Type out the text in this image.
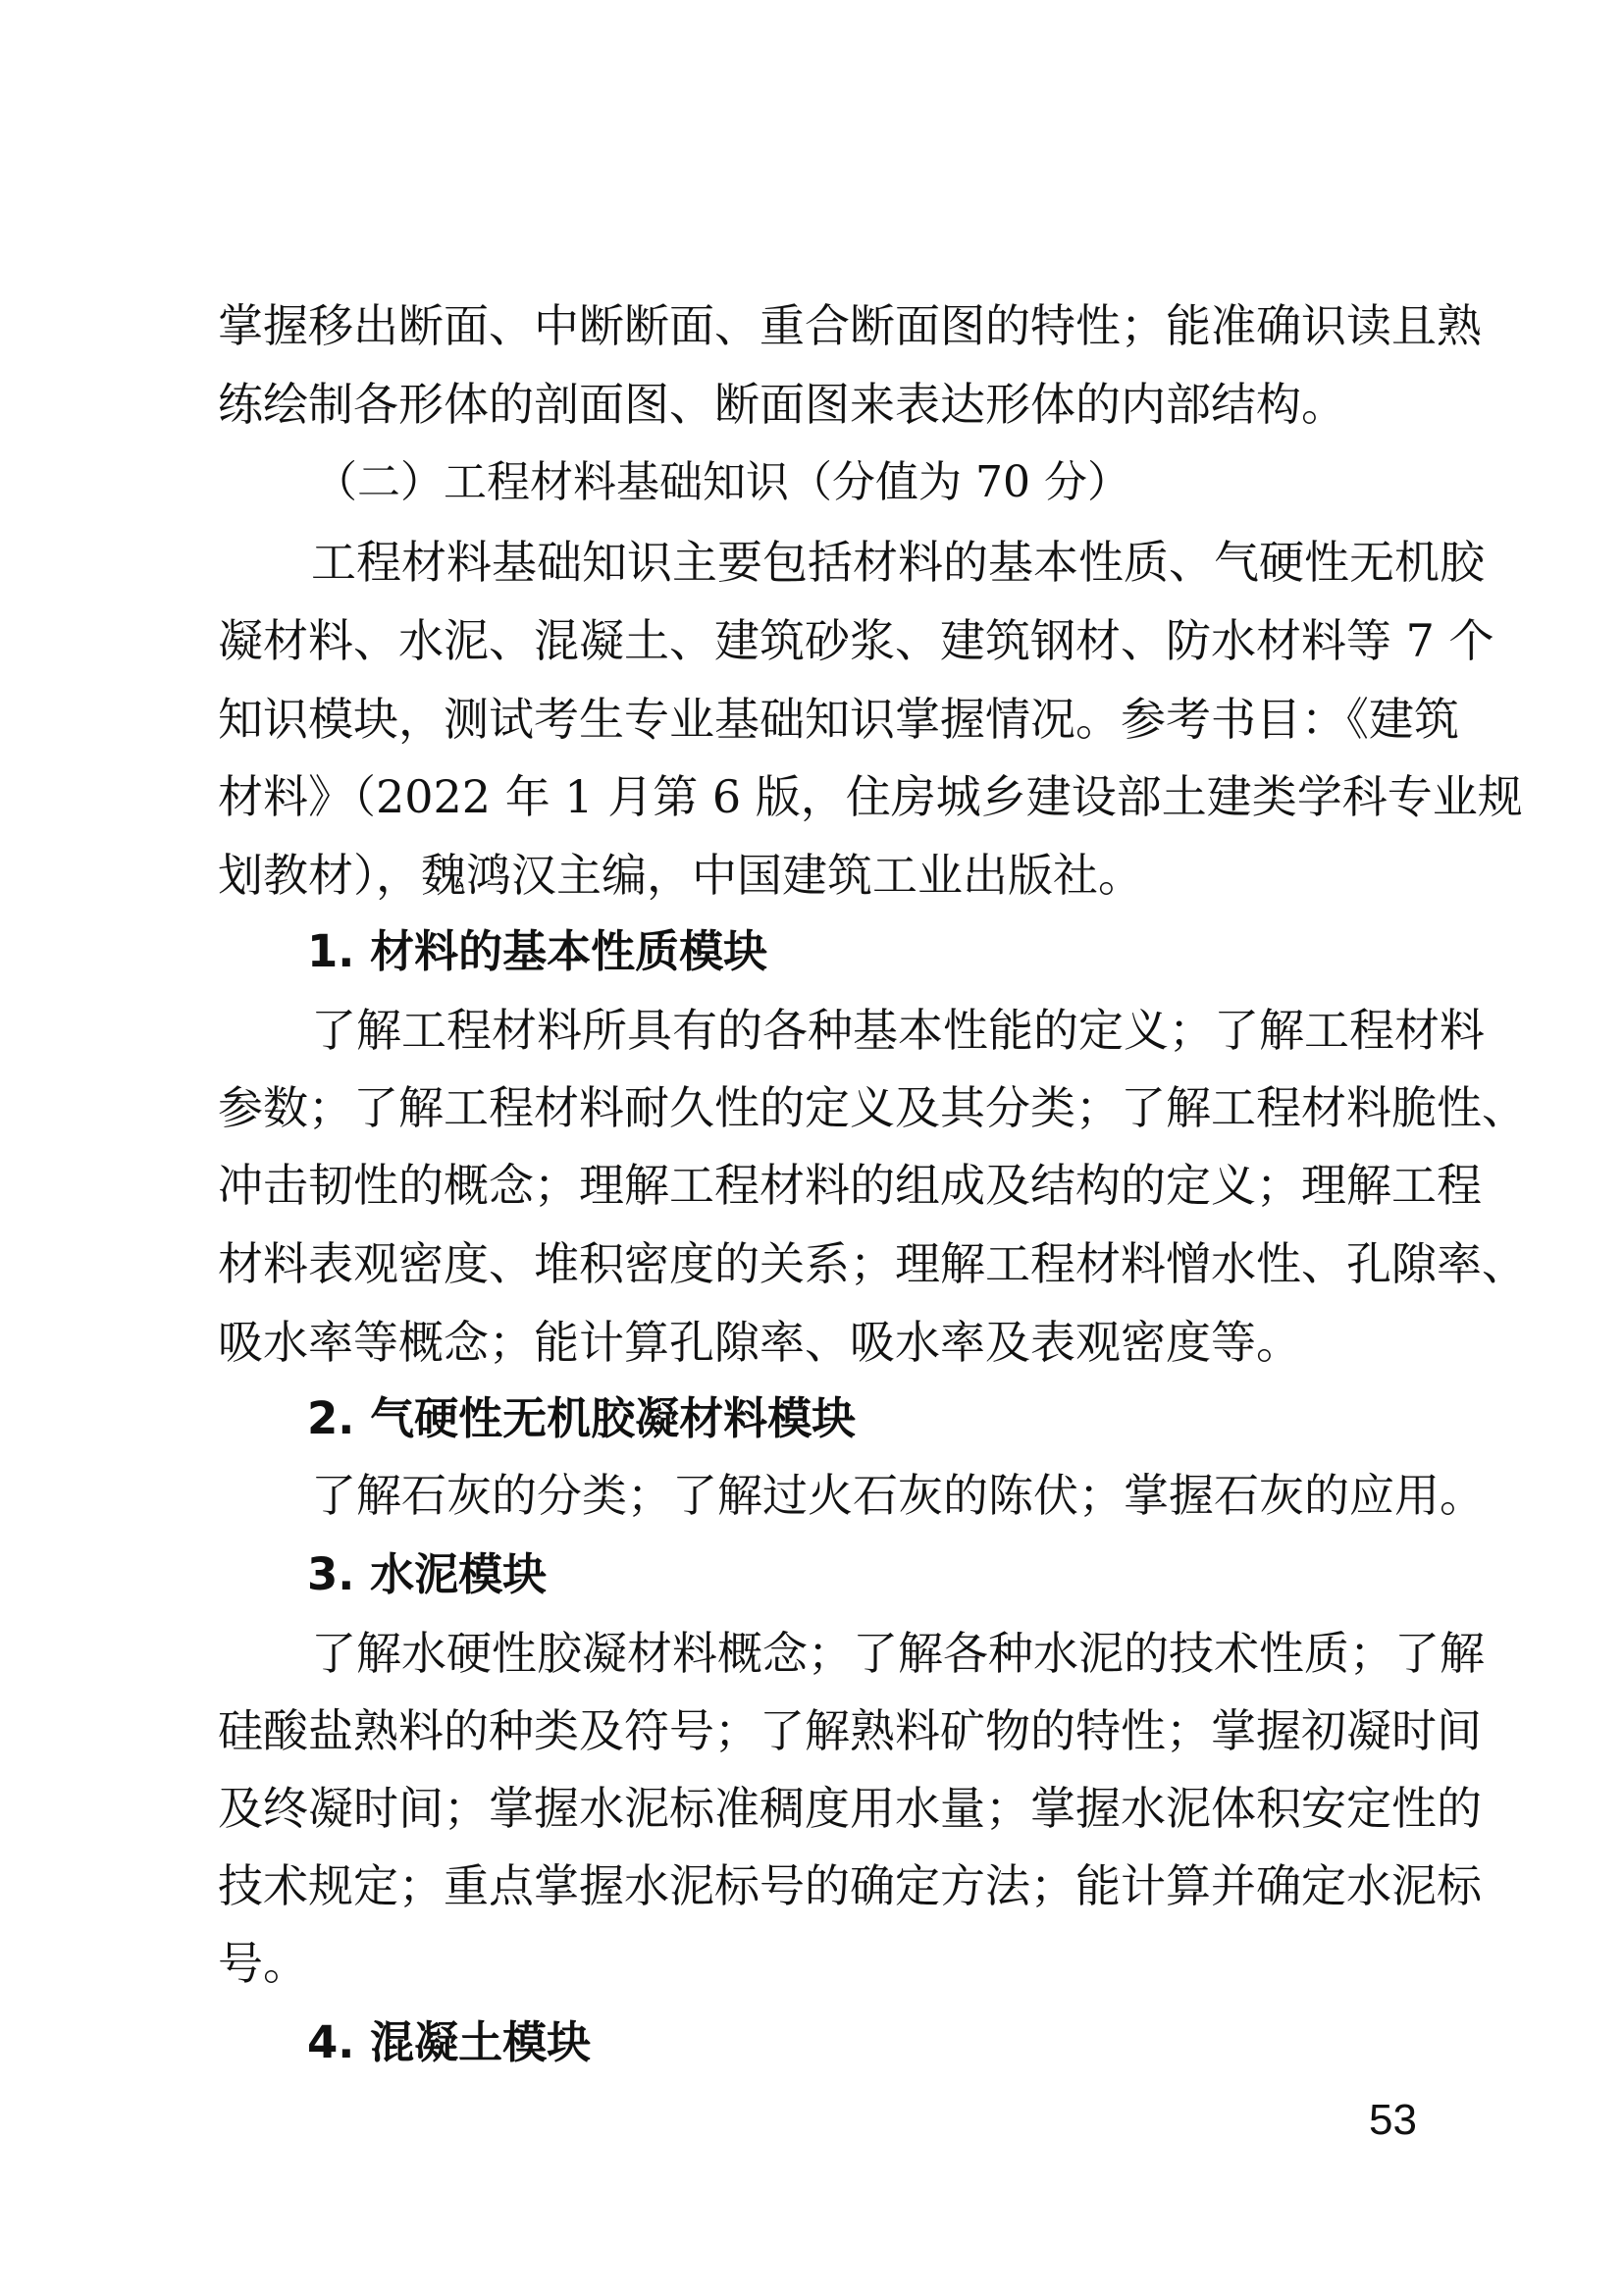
掌握移出断面、中断断面、重合断面图的特性；能准确识读且熟
练绘制各形体的剖面图、断面图来表达形体的内部结构。
（二）工程材料基础知识（分值为 70 分）
工程材料基础知识主要包括材料的基本性质、气硬性无机胶
凝材料、水泥、混凝土、建筑砂浆、建筑钢材、防水材料等 7 个
知识模块，测试考生专业基础知识掌握情况。参考书目：《建筑
材料》（2022 年 1 月第 6 版，住房城乡建设部土建类学科专业规
划教材），魏鸿汉主编，中国建筑工业出版社。
1. 材料的基本性质模块
了解工程材料所具有的各种基本性能的定义；了解工程材料
参数；了解工程材料耐久性的定义及其分类；了解工程材料脆性、
冲击韧性的概念；理解工程材料的组成及结构的定义；理解工程
材料表观密度、堆积密度的关系；理解工程材料憎水性、孔隙率、
吸水率等概念；能计算孔隙率、吸水率及表观密度等。
2. 气硬性无机胶凝材料模块
了解石灰的分类；了解过火石灰的陈伏；掌握石灰的应用。
3. 水泥模块
了解水硬性胶凝材料概念；了解各种水泥的技术性质；了解
硅酸盐熟料的种类及符号；了解熟料矿物的特性；掌握初凝时间
及终凝时间；掌握水泥标准稠度用水量；掌握水泥体积安定性的
技术规定；重点掌握水泥标号的确定方法；能计算并确定水泥标
号。
4. 混凝土模块
53
